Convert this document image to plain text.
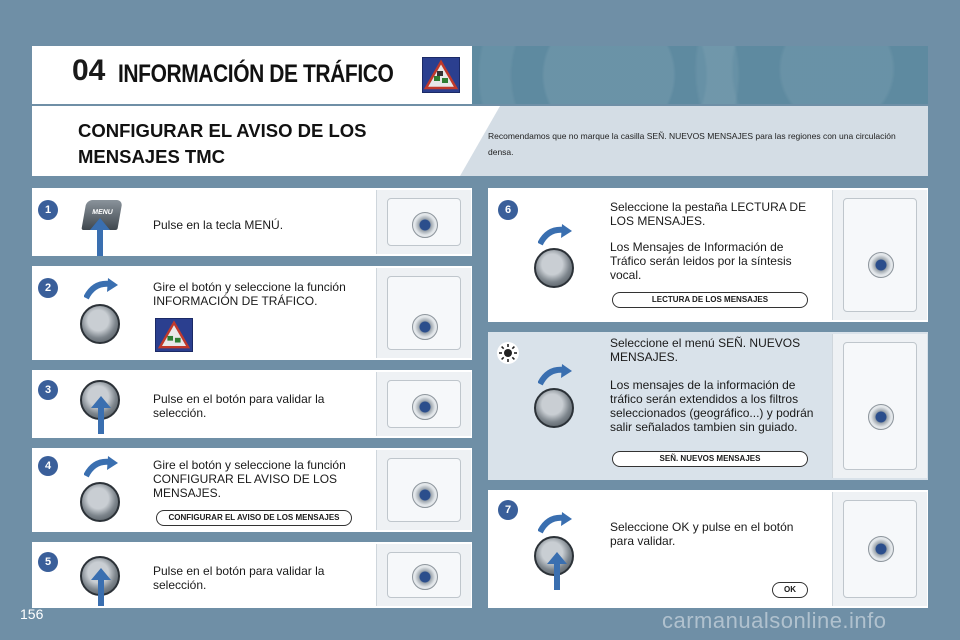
04 INFORMACIÓN DE TRÁFICO
CONFIGURAR EL AVISO DE LOS MENSAJES TMC
Recomendamos que no marque la casilla SEÑ. NUEVOS MENSAJES para las regiones con una circulación densa.
1	MENU
Pulse en la tecla MENÚ.
2	Gire el botón y seleccione la función INFORMACIÓN DE TRÁFICO.
3
Pulse en el botón para validar la selección.
4	Gire el botón y seleccione la función CONFIGURAR EL AVISO DE LOS MENSAJES.
CONFIGURAR EL AVISO DE LOS MENSAJES
5
Pulse en el botón para validar la selección.
6	Seleccione la pestaña LECTURA DE LOS MENSAJES.
Los Mensajes de Información de Tráfico serán leidos por la síntesis vocal.
LECTURA DE LOS MENSAJES
Seleccione el menú SEÑ. NUEVOS MENSAJES.
Los mensajes de la información de tráfico serán extendidos a los filtros seleccionados (geográfico...) y podrán salir señalados tambien sin guiado.
SEÑ. NUEVOS MENSAJES
7
Seleccione OK y pulse en el botón para validar.
OK
156	carmanualsonline.info
